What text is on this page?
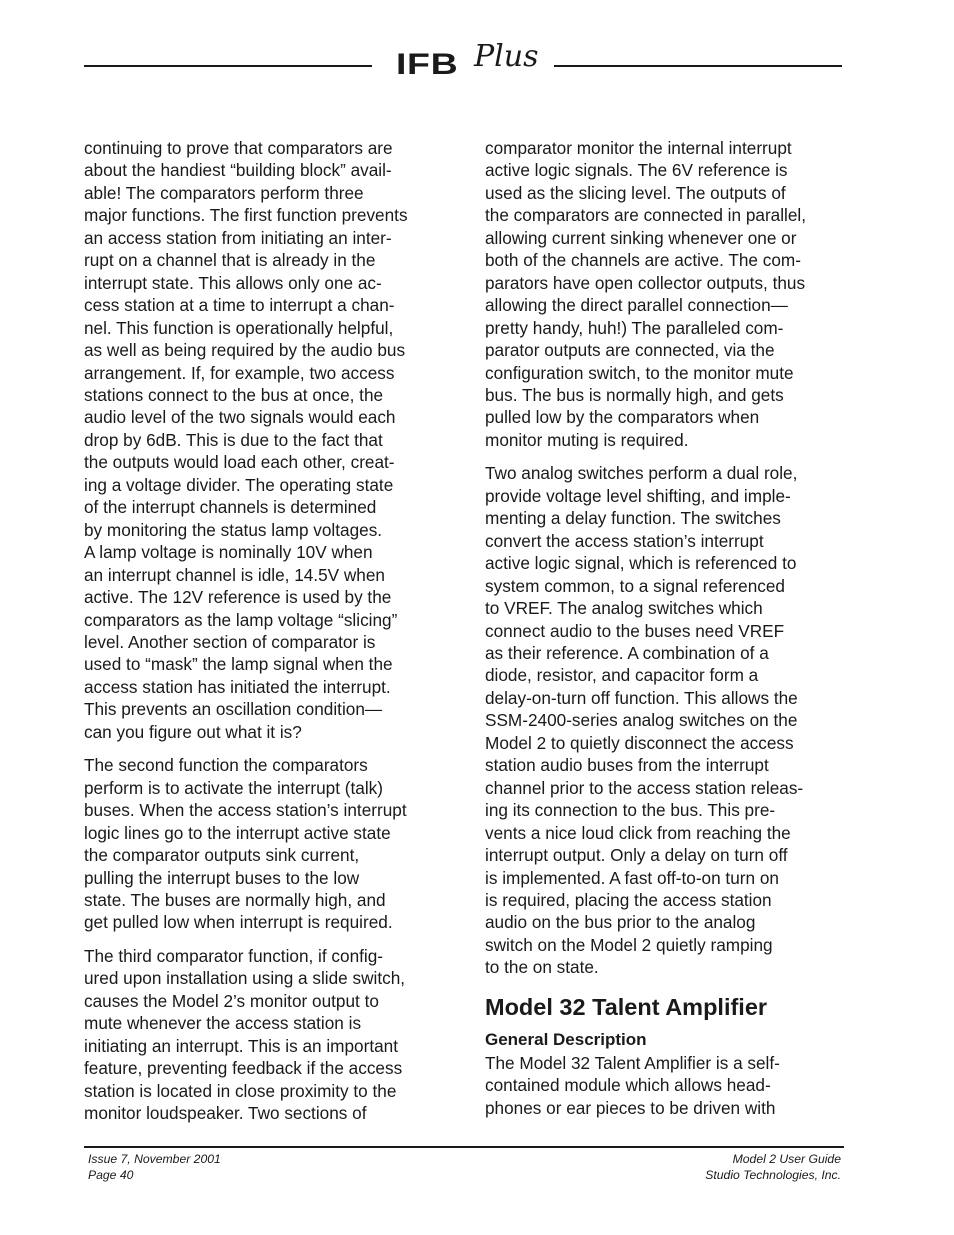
IFB Plus

continuing to prove that comparators are
about the handiest “building block” avail-
able! The comparators perform three
major functions. The first function prevents
an access station from initiating an inter-
rupt on a channel that is already in the
interrupt state. This allows only one ac-
cess station at a time to interrupt a chan-
nel. This function is operationally helpful,
as well as being required by the audio bus
arrangement. If, for example, two access
stations connect to the bus at once, the
audio level of the two signals would each
drop by 6dB. This is due to the fact that
the outputs would load each other, creat-
ing a voltage divider. The operating state
of the interrupt channels is determined
by monitoring the status lamp voltages.
A lamp voltage is nominally 10V when
an interrupt channel is idle, 14.5V when
active. The 12V reference is used by the
comparators as the lamp voltage “slicing”
level. Another section of comparator is
used to “mask” the lamp signal when the
access station has initiated the interrupt.
This prevents an oscillation condition—
can you figure out what it is?

The second function the comparators
perform is to activate the interrupt (talk)
buses. When the access station’s interrupt
logic lines go to the interrupt active state
the comparator outputs sink current,
pulling the interrupt buses to the low
state. The buses are normally high, and
get pulled low when interrupt is required.

The third comparator function, if config-
ured upon installation using a slide switch,
causes the Model 2’s monitor output to
mute whenever the access station is
initiating an interrupt. This is an important
feature, preventing feedback if the access
station is located in close proximity to the
monitor loudspeaker. Two sections of

comparator monitor the internal interrupt
active logic signals. The 6V reference is
used as the slicing level. The outputs of
the comparators are connected in parallel,
allowing current sinking whenever one or
both of the channels are active. The com-
parators have open collector outputs, thus
allowing the direct parallel connection—
pretty handy, huh!) The paralleled com-
parator outputs are connected, via the
configuration switch, to the monitor mute
bus. The bus is normally high, and gets
pulled low by the comparators when
monitor muting is required.

Two analog switches perform a dual role,
provide voltage level shifting, and imple-
menting a delay function. The switches
convert the access station’s interrupt
active logic signal, which is referenced to
system common, to a signal referenced
to VREF. The analog switches which
connect audio to the buses need VREF
as their reference. A combination of a
diode, resistor, and capacitor form a
delay-on-turn off function. This allows the
SSM-2400-series analog switches on the
Model 2 to quietly disconnect the access
station audio buses from the interrupt
channel prior to the access station releas-
ing its connection to the bus. This pre-
vents a nice loud click from reaching the
interrupt output. Only a delay on turn off
is implemented. A fast off-to-on turn on
is required, placing the access station
audio on the bus prior to the analog
switch on the Model 2 quietly ramping
to the on state.

Model 32 Talent Amplifier
General Description

The Model 32 Talent Amplifier is a self-
contained module which allows head-
phones or ear pieces to be driven with

Issue 7, November 2001
Page 40
Model 2 User Guide
Studio Technologies, Inc.
